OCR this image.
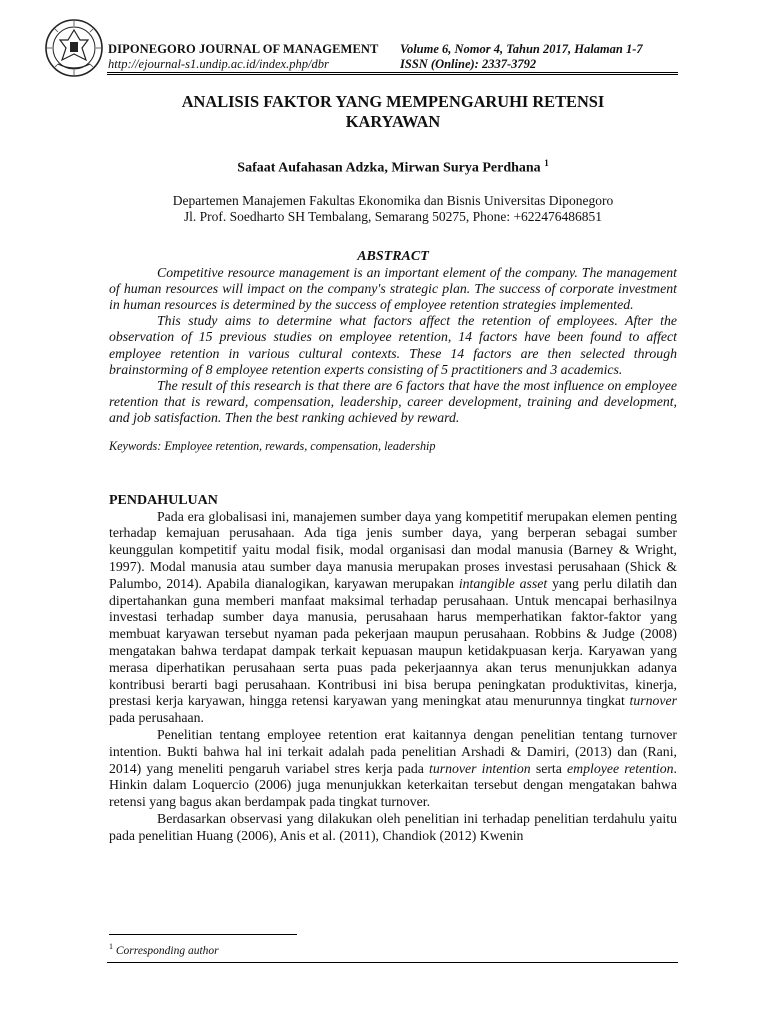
DIPONEGORO JOURNAL OF MANAGEMENT
http://ejournal-s1.undip.ac.id/index.php/dbr
Volume 6, Nomor 4, Tahun 2017, Halaman 1-7
ISSN (Online): 2337-3792
ANALISIS FAKTOR YANG MEMPENGARUHI RETENSI
KARYAWAN
Safaat Aufahasan Adzka, Mirwan Surya Perdhana $^1$
Departemen Manajemen Fakultas Ekonomika dan Bisnis Universitas Diponegoro
Jl. Prof. Soedharto SH Tembalang, Semarang 50275, Phone: +622476486851
ABSTRACT

Competitive resource management is an important element of the company. The management of human resources will impact on the company's strategic plan. The success of corporate investment in human resources is determined by the success of employee retention strategies implemented.

This study aims to determine what factors affect the retention of employees. After the observation of 15 previous studies on employee retention, 14 factors have been found to affect employee retention in various cultural contexts. These 14 factors are then selected through brainstorming of 8 employee retention experts consisting of 5 practitioners and 3 academics.

The result of this research is that there are 6 factors that have the most influence on employee retention that is reward, compensation, leadership, career development, training and development, and job satisfaction. Then the best ranking achieved by reward.

Keywords: Employee retention, rewards, compensation, leadership
PENDAHULUAN

Pada era globalisasi ini, manajemen sumber daya yang kompetitif merupakan elemen penting terhadap kemajuan perusahaan. Ada tiga jenis sumber daya, yang berperan sebagai sumber keunggulan kompetitif yaitu modal fisik, modal organisasi dan modal manusia (Barney & Wright, 1997). Modal manusia atau sumber daya manusia merupakan proses investasi perusahaan (Shick & Palumbo, 2014). Apabila dianalogikan, karyawan merupakan intangible asset yang perlu dilatih dan dipertahankan guna memberi manfaat maksimal terhadap perusahaan. Untuk mencapai berhasilnya investasi terhadap sumber daya manusia, perusahaan harus memperhatikan faktor-faktor yang membuat karyawan tersebut nyaman pada pekerjaan maupun perusahaan. Robbins & Judge (2008) mengatakan bahwa terdapat dampak terkait kepuasan maupun ketidakpuasan kerja. Karyawan yang merasa diperhatikan perusahaan serta puas pada pekerjaannya akan terus menunjukkan adanya kontribusi berarti bagi perusahaan. Kontribusi ini bisa berupa peningkatan produktivitas, kinerja, prestasi kerja karyawan, hingga retensi karyawan yang meningkat atau menurunnya tingkat turnover pada perusahaan.

Penelitian tentang employee retention erat kaitannya dengan penelitian tentang turnover intention. Bukti bahwa hal ini terkait adalah pada penelitian Arshadi & Damiri, (2013) dan (Rani, 2014) yang meneliti pengaruh variabel stres kerja pada turnover intention serta employee retention. Hinkin dalam Loquercio (2006) juga menunjukkan keterkaitan tersebut dengan mengatakan bahwa retensi yang bagus akan berdampak pada tingkat turnover.

Berdasarkan observasi yang dilakukan oleh penelitian ini terhadap penelitian terdahulu yaitu pada penelitian Huang (2006), Anis et al. (2011), Chandiok (2012) Kwenin

$^1$ Corresponding author
